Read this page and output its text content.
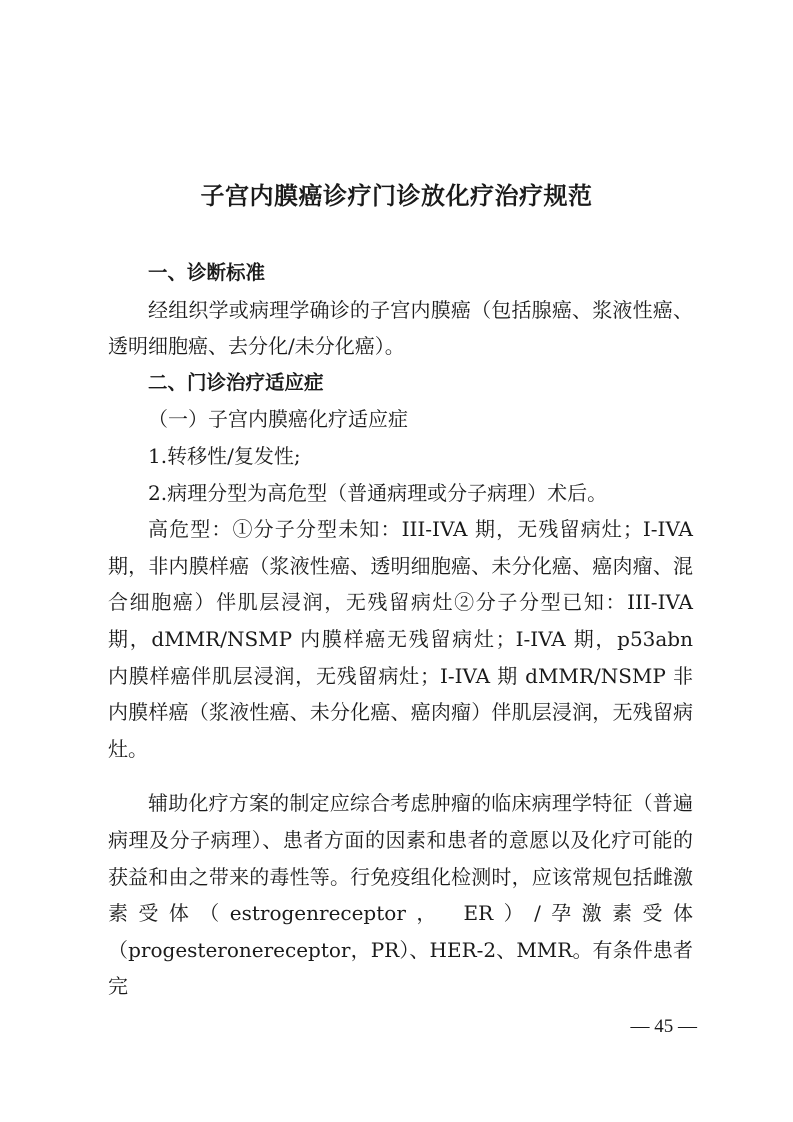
子宫内膜癌诊疗门诊放化疗治疗规范

一、诊断标准

经组织学或病理学确诊的子宫内膜癌（包括腺癌、浆液性癌、透明细胞癌、去分化/未分化癌）。

二、门诊治疗适应症

（一）子宫内膜癌化疗适应症

1.转移性/复发性;

2.病理分型为高危型（普通病理或分子病理）术后。

高危型：①分子分型未知：III-IVA 期，无残留病灶；I-IVA 期，非内膜样癌（浆液性癌、透明细胞癌、未分化癌、癌肉瘤、混合细胞癌）伴肌层浸润，无残留病灶②分子分型已知：III-IVA 期，dMMR/NSMP 内膜样癌无残留病灶；I-IVA 期，p53abn 内膜样癌伴肌层浸润，无残留病灶；I-IVA 期 dMMR/NSMP 非内膜样癌（浆液性癌、未分化癌、癌肉瘤）伴肌层浸润，无残留病灶。

辅助化疗方案的制定应综合考虑肿瘤的临床病理学特征（普遍病理及分子病理）、患者方面的因素和患者的意愿以及化疗可能的获益和由之带来的毒性等。行免疫组化检测时，应该常规包括雌激素受体（estrogenreceptor， ER）/孕激素受体（progesteronereceptor，PR）、HER-2、MMR。有条件患者完

— 45 —
